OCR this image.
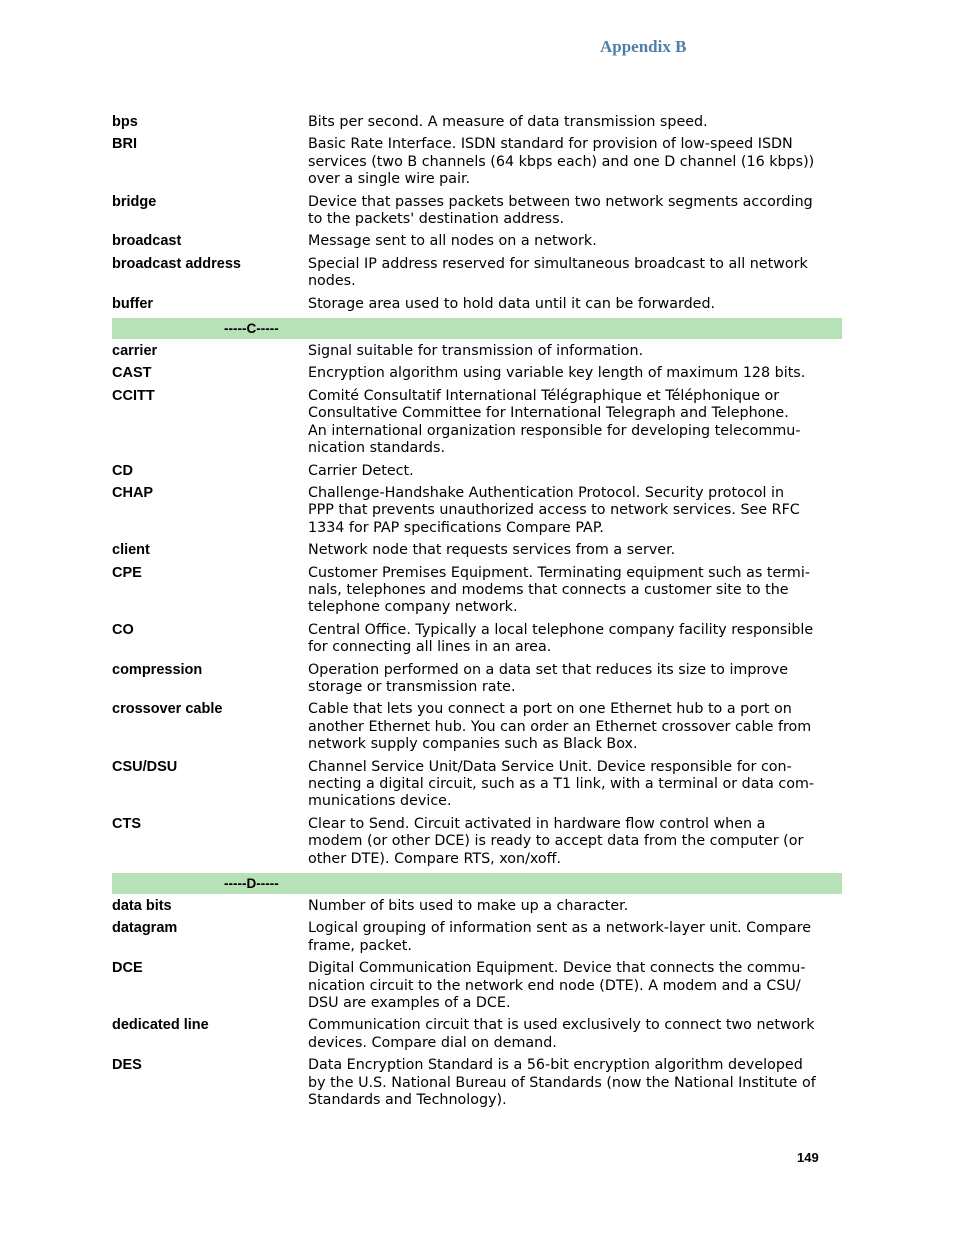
Appendix B
bps	Bits per second. A measure of data transmission speed.
BRI	Basic Rate Interface. ISDN standard for provision of low-speed ISDN
services (two B channels (64 kbps each) and one D channel (16 kbps))
over a single wire pair.
bridge	Device that passes packets between two network segments according
to the packets' destination address.
broadcast	Message sent to all nodes on a network.
broadcast address	Special IP address reserved for simultaneous broadcast to all network
nodes.
buffer	Storage area used to hold data until it can be forwarded.
-----C-----
carrier	Signal suitable for transmission of information.
CAST	Encryption algorithm using variable key length of maximum 128 bits.
CCITT	Comité Consultatif International Télégraphique et Téléphonique or
Consultative Committee for International Telegraph and Telephone.
An international organization responsible for developing telecommu-
nication standards.
CD	Carrier Detect.
CHAP	Challenge-Handshake Authentication Protocol. Security protocol in
PPP that prevents unauthorized access to network services. See RFC
1334 for PAP specifications Compare PAP.
client	Network node that requests services from a server.
CPE	Customer Premises Equipment. Terminating equipment such as termi-
nals, telephones and modems that connects a customer site to the
telephone company network.
CO	Central Office. Typically a local telephone company facility responsible
for connecting all lines in an area.
compression	Operation performed on a data set that reduces its size to improve
storage or transmission rate.
crossover cable	Cable that lets you connect a port on one Ethernet hub to a port on
another Ethernet hub. You can order an Ethernet crossover cable from
network supply companies such as Black Box.
CSU/DSU	Channel Service Unit/Data Service Unit. Device responsible for con-
necting a digital circuit, such as a T1 link, with a terminal or data com-
munications device.
CTS	Clear to Send. Circuit activated in hardware flow control when a
modem (or other DCE) is ready to accept data from the computer (or
other DTE). Compare RTS, xon/xoff.
-----D-----
data bits	Number of bits used to make up a character.
datagram	Logical grouping of information sent as a network-layer unit. Compare
frame, packet.
DCE	Digital Communication Equipment. Device that connects the commu-
nication circuit to the network end node (DTE). A modem and a CSU/
DSU are examples of a DCE.
dedicated line	Communication circuit that is used exclusively to connect two network
devices. Compare dial on demand.
DES	Data Encryption Standard is a 56-bit encryption algorithm developed
by the U.S. National Bureau of Standards (now the National Institute of
Standards and Technology).
149
